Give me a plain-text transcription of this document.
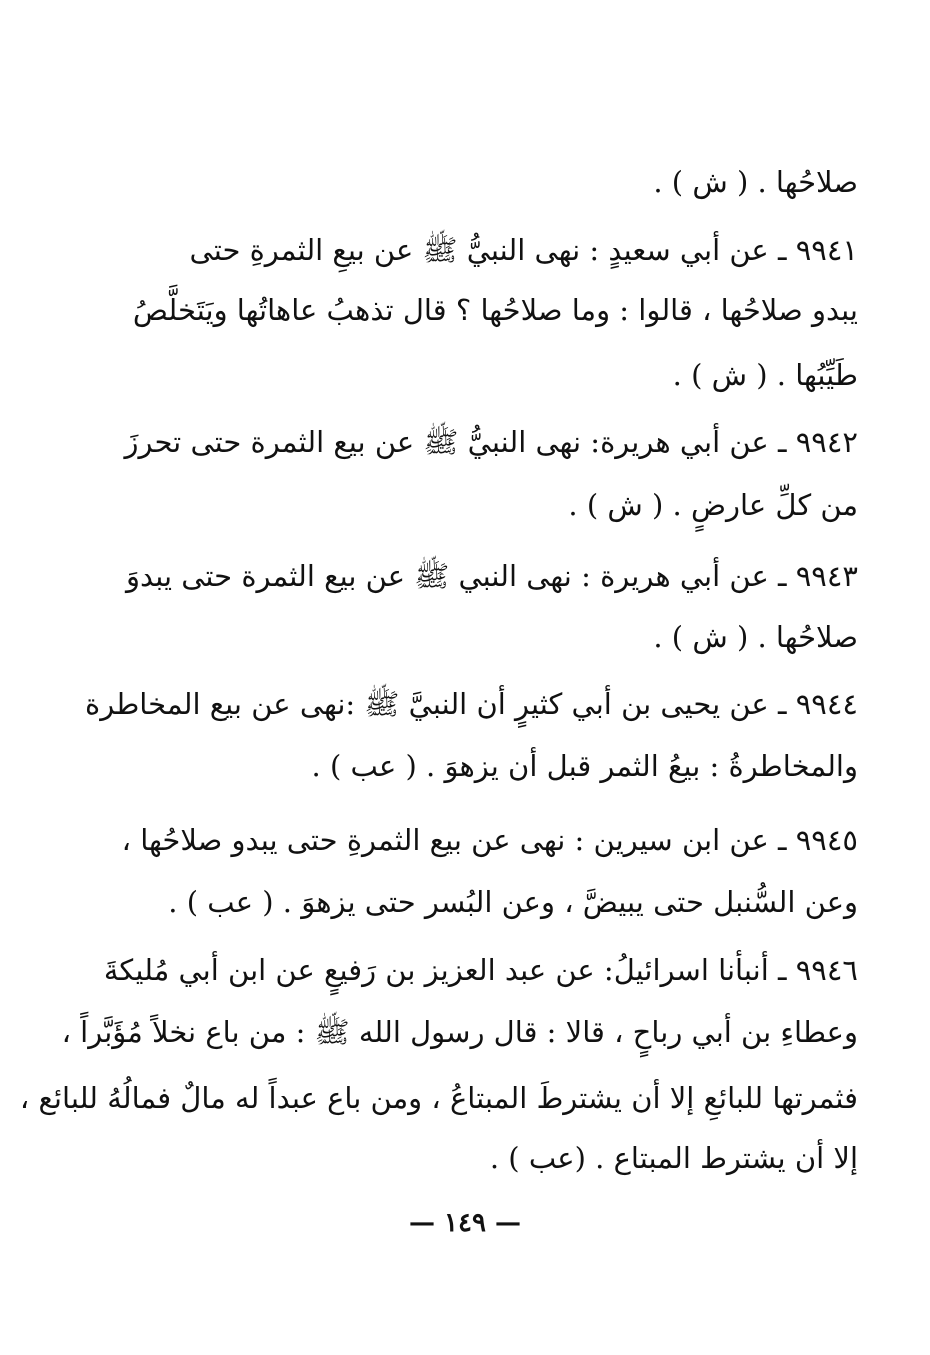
صلاحُها . ( ش ) .
٩٩٤١ ـ عن أبي سعيدٍ : نهى النبيُّ ﷺ عن بيعِ الثمرةِ حتى
يبدو صلاحُها ، قالوا : وما صلاحُها ؟ قال تذهبُ عاهاتُها ويَتَخلَّصُ
طَيِّبُها . ( ش ) .
٩٩٤٢ ـ عن أبي هريرة: نهى النبيُّ ﷺ عن بيع الثمرة حتى تحرزَ
من كلِّ عارضٍ . ( ش ) .
٩٩٤٣ ـ عن أبي هريرة : نهى النبي ﷺ عن بيع الثمرة حتى يبدوَ
صلاحُها . ( ش ) .
٩٩٤٤ ـ عن يحيى بن أبي كثيرٍ أن النبيَّ ﷺ :نهى عن بيع المخاطرة
والمخاطرةُ : بيعُ الثمر قبل أن يزهوَ . ( عب ) .
٩٩٤٥ ـ عن ابن سيرين : نهى عن بيع الثمرةِ حتى يبدو صلاحُها ،
وعن السُّنبل حتى يبيضَّ ، وعن البُسر حتى يزهوَ . ( عب ) .
٩٩٤٦ ـ أنبأنا اسرائيلُ: عن عبد العزيز بن رَفيعٍ عن ابن أبي مُليكةَ
وعطاءِ بن أبي رباحٍ ، قالا : قال رسول الله ﷺ : من باع نخلاً مُؤَبَّراً ،
فثمرتها للبائعِ إلا أن يشترطَ المبتاعُ ، ومن باع عبداً له مالٌ فمالُهُ للبائع ،
إلا أن يشترط المبتاع . (عب ) .
— ١٤٩ —
